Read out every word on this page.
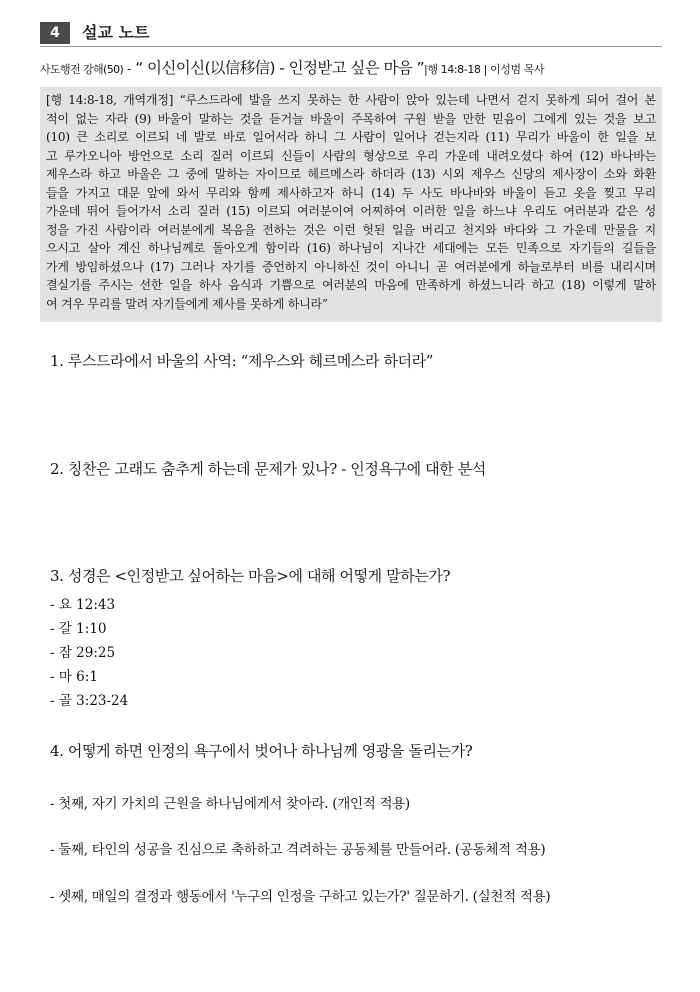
4	설교 노트
사도행전 강해(50) - “ 이신이신(以信移信) - 인정받고 싶은 마음 ”|행 14:8-18 | 이성범 목사
[행 14:8-18, 개역개정] “루스드라에 발을 쓰지 못하는 한 사람이 앉아 있는데 나면서 걷지 못하게 되어 걸어 본
적이 없는 자라 (9) 바울이 말하는 것을 듣거늘 바울이 주목하여 구원 받을 만한 믿음이 그에게 있는 것을 보고
(10) 큰 소리로 이르되 네 발로 바로 일어서라 하니 그 사람이 일어나 걷는지라 (11) 무리가 바울이 한 일을 보
고 루가오니아 방언으로 소리 질러 이르되 신들이 사람의 형상으로 우리 가운데 내려오셨다 하여 (12) 바나바는
제우스라 하고 바울은 그 중에 말하는 자이므로 헤르메스라 하더라 (13) 시외 제우스 신당의 제사장이 소와 화환
들을 가지고 대문 앞에 와서 무리와 함께 제사하고자 하니 (14) 두 사도 바나바와 바울이 듣고 옷을 찢고 무리
가운데 뛰어 들어가서 소리 질러 (15) 이르되 여러분이여 어찌하여 이러한 일을 하느냐 우리도 여러분과 같은 성
정을 가진 사람이라 여러분에게 복음을 전하는 것은 이런 헛된 일을 버리고 천지와 바다와 그 가운데 만물을 지
으시고 살아 계신 하나님께로 돌아오게 함이라 (16) 하나님이 지나간 세대에는 모든 민족으로 자기들의 길들을
가게 방임하셨으나 (17) 그러나 자기를 증언하지 아니하신 것이 아니니 곧 여러분에게 하늘로부터 비를 내리시며
결실기를 주시는 선한 일을 하사 음식과 기쁨으로 여러분의 마음에 만족하게 하셨느니라 하고 (18) 이렇게 말하
여 겨우 무리를 말려 자기들에게 제사를 못하게 하니라”
1. 루스드라에서 바울의 사역: “제우스와 헤르메스라 하더라”
2. 칭찬은 고래도 춤추게 하는데 문제가 있나? - 인정욕구에 대한 분석
3. 성경은 <인정받고 싶어하는 마음>에 대해 어떻게 말하는가?
- 요 12:43
- 갈 1:10
- 잠 29:25
- 마 6:1
- 골 3:23-24
4. 어떻게 하면 인정의 욕구에서 벗어나 하나님께 영광을 돌리는가?
- 첫째, 자기 가치의 근원을 하나님에게서 찾아라. (개인적 적용)
- 둘째, 타인의 성공을 진심으로 축하하고 격려하는 공동체를 만들어라. (공동체적 적용)
- 셋째, 매일의 결정과 행동에서 '누구의 인정을 구하고 있는가?' 질문하기. (실천적 적용)
